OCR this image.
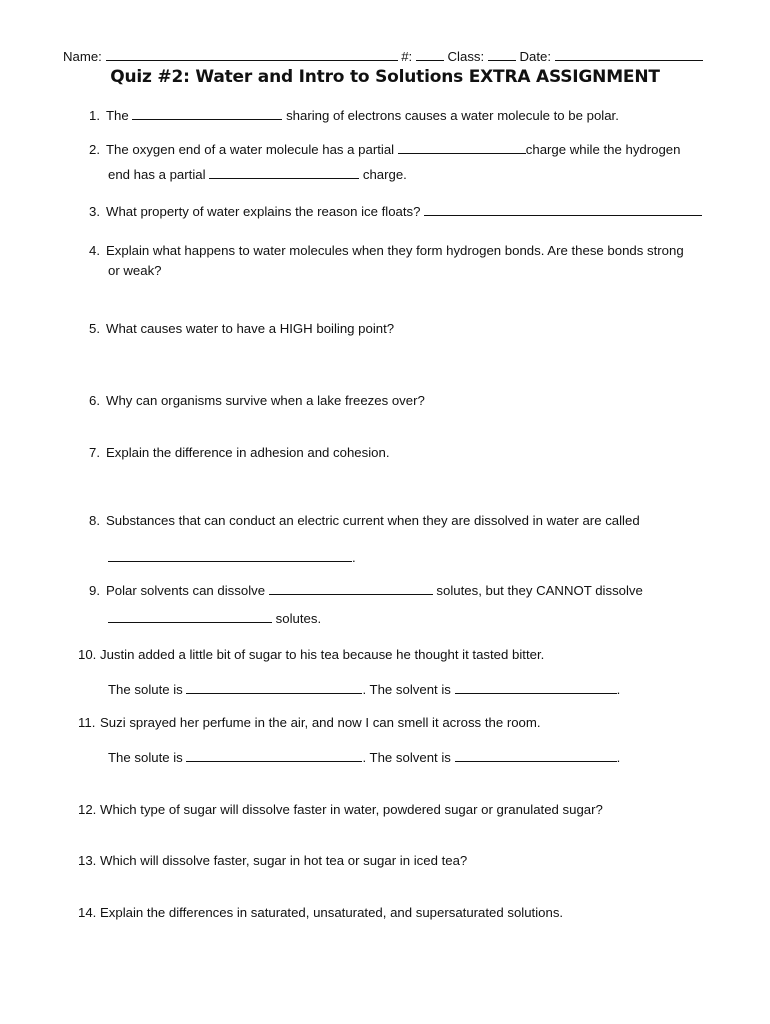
Name:	#:	Class:	Date:
Quiz #2: Water and Intro to Solutions EXTRA ASSIGNMENT
1. The	sharing of electrons causes a water molecule to be polar.
2. The oxygen end of a water molecule has a partial	charge while the hydrogen
end has a partial	charge.
3. What property of water explains the reason ice floats?
4. Explain what happens to water molecules when they form hydrogen bonds. Are these bonds strong
or weak?
5. What causes water to have a HIGH boiling point?
6. Why can organisms survive when a lake freezes over?
7. Explain the difference in adhesion and cohesion.
8. Substances that can conduct an electric current when they are dissolved in water are called
.
9. Polar solvents can dissolve	solutes, but they CANNOT dissolve
solutes.
10. Justin added a little bit of sugar to his tea because he thought it tasted bitter.
The solute is	. The solvent is	.
11. Suzi sprayed her perfume in the air, and now I can smell it across the room.
The solute is	. The solvent is	.
12. Which type of sugar will dissolve faster in water, powdered sugar or granulated sugar?
13. Which will dissolve faster, sugar in hot tea or sugar in iced tea?
14. Explain the differences in saturated, unsaturated, and supersaturated solutions.
